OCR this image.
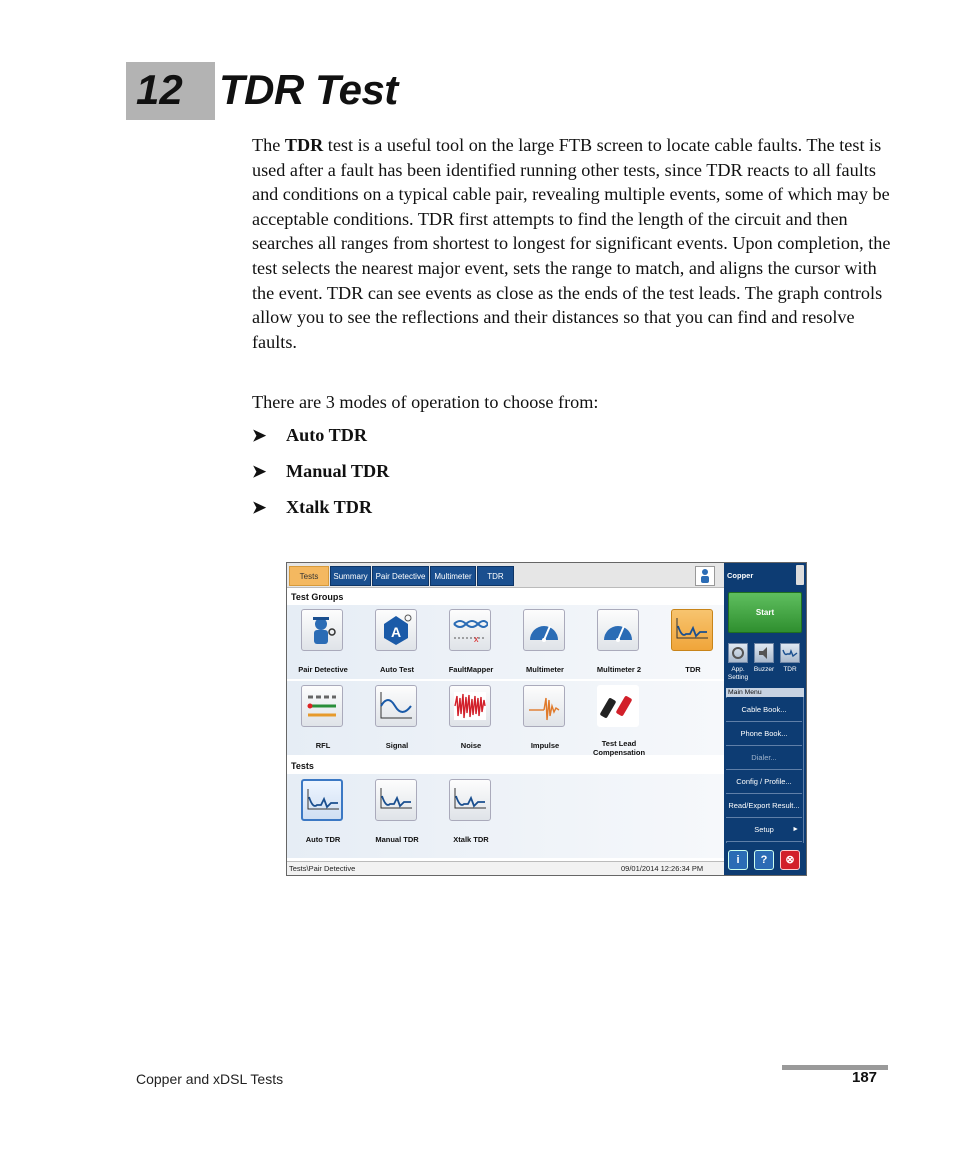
12 TDR Test
The TDR test is a useful tool on the large FTB screen to locate cable faults. The test is used after a fault has been identified running other tests, since TDR reacts to all faults and conditions on a typical cable pair, revealing multiple events, some of which may be acceptable conditions. TDR first attempts to find the length of the circuit and then searches all ranges from shortest to longest for significant events. Upon completion, the test selects the nearest major event, sets the range to match, and aligns the cursor with the event. TDR can see events as close as the ends of the test leads. The graph controls allow you to see the reflections and their distances so that you can find and resolve faults.
There are 3 modes of operation to choose from:
➤ Auto TDR
➤ Manual TDR
➤ Xtalk TDR
Tests	Summary Pair Detective	Multimeter	TDR
Test Groups
Pair Detective
A
Auto Test
x
FaultMapper	Multimeter	Multimeter 2	TDR
RFL	Signal	Noise	Impulse	Test Lead Compensation
Tests
Auto TDR	Manual TDR	Xtalk TDR
Tests\Pair Detective	09/01/2014 12:26:34 PM
Copper
Start
App. Setting
Buzzer	TDR
Main Menu
Cable Book...
Phone Book...
Dialer...
Config / Profile...
Read/Export Result...
Setup	►
i	?	⊗
Copper and xDSL Tests	187
